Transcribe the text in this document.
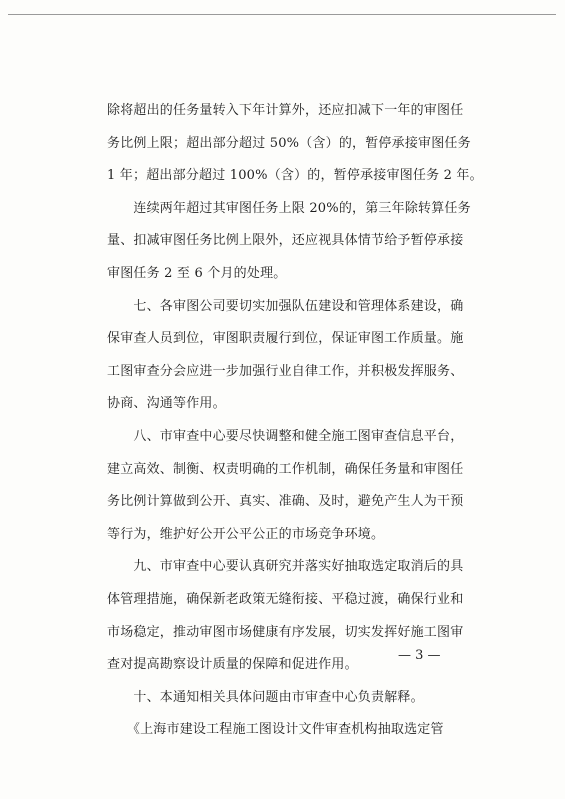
除将超出的任务量转入下年计算外，还应扣减下一年的审图任
务比例上限；超出部分超过 50%（含）的，暂停承接审图任务
1 年；超出部分超过 100%（含）的，暂停承接审图任务 2 年。
　　连续两年超过其审图任务上限 20%的，第三年除转算任务
量、扣减审图任务比例上限外，还应视具体情节给予暂停承接
审图任务 2 至 6 个月的处理。
　　七、各审图公司要切实加强队伍建设和管理体系建设，确
保审查人员到位，审图职责履行到位，保证审图工作质量。施
工图审查分会应进一步加强行业自律工作，并积极发挥服务、
协商、沟通等作用。
　　八、市审查中心要尽快调整和健全施工图审查信息平台，
建立高效、制衡、权责明确的工作机制，确保任务量和审图任
务比例计算做到公开、真实、准确、及时，避免产生人为干预
等行为，维护好公开公平公正的市场竞争环境。
　　九、市审查中心要认真研究并落实好抽取选定取消后的具
体管理措施，确保新老政策无缝衔接、平稳过渡，确保行业和
市场稳定，推动审图市场健康有序发展，切实发挥好施工图审
查对提高勘察设计质量的保障和促进作用。
　　十、本通知相关具体问题由市审查中心负责解释。
　　《上海市建设工程施工图设计文件审查机构抽取选定管
— 3 —
